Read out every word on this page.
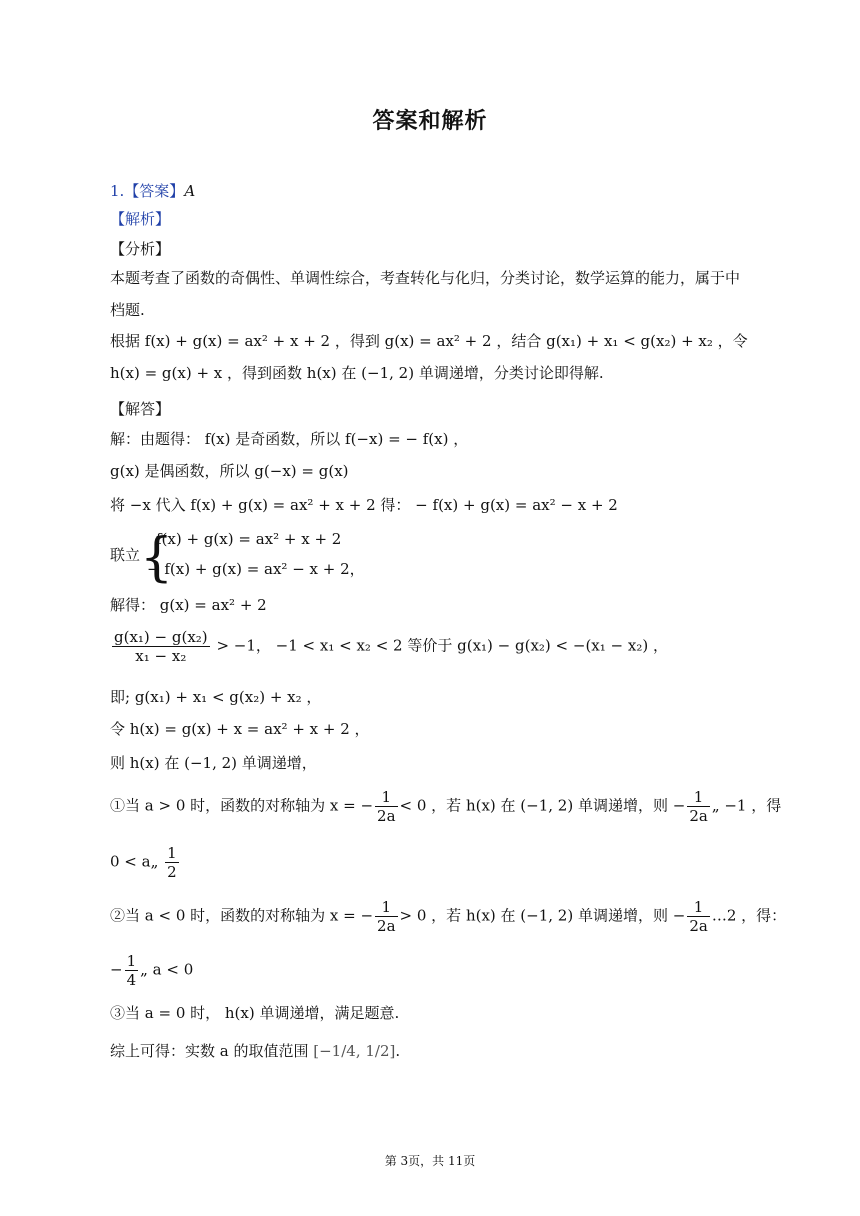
答案和解析
1.【答案】A
【解析】
【分析】
本题考查了函数的奇偶性、单调性综合，考查转化与化归，分类讨论，数学运算的能力，属于中档题.
根据 f(x) + g(x) = ax² + x + 2 ，得到 g(x) = ax² + 2 ，结合 g(x₁) + x₁ < g(x₂) + x₂ ，令
h(x) = g(x) + x ，得到函数 h(x) 在 (−1, 2) 单调递增，分类讨论即得解.
【解答】
解：由题得： f(x) 是奇函数，所以 f(−x) = − f(x) ，
g(x) 是偶函数，所以 g(−x) = g(x)
将 −x 代入 f(x) + g(x) = ax² + x + 2 得： − f(x) + g(x) = ax² − x + 2
联立 {
f(x) + g(x) = ax² + x + 2
− f(x) + g(x) = ax² − x + 2，
解得： g(x) = ax² + 2
$\frac{\text{g(x₁) − g(x₂)}}{\text{x₁ − x₂}} > -1$， −1 < x₁ < x₂ < 2 等价于 g(x₁) − g(x₂) < −(x₁ − x₂) ，
即; g(x₁) + x₁ < g(x₂) + x₂ ，
令 h(x) = g(x) + x = ax² + x + 2 ，
则 h(x) 在 (−1, 2) 单调递增，
①当 a > 0 时，函数的对称轴为 x = − $\frac{1}{2a} < 0$ ，若 h(x) 在 (−1, 2) 单调递增，则 − $\frac{1}{2a}$ „ −1 ，得
0 < a„ $\frac{1}{2}$
②当 a < 0 时，函数的对称轴为 x = − $\frac{1}{2a} > 0$ ，若 h(x) 在 (−1, 2) 单调递增，则 − $\frac{1}{2a}$ …2 ，得：
− $\frac{1}{4}$ „ a < 0
③当 a = 0 时， h(x) 单调递增，满足题意.
综上可得：实数 a 的取值范围 [−1/4, 1/2].
第 3页，共 11页
